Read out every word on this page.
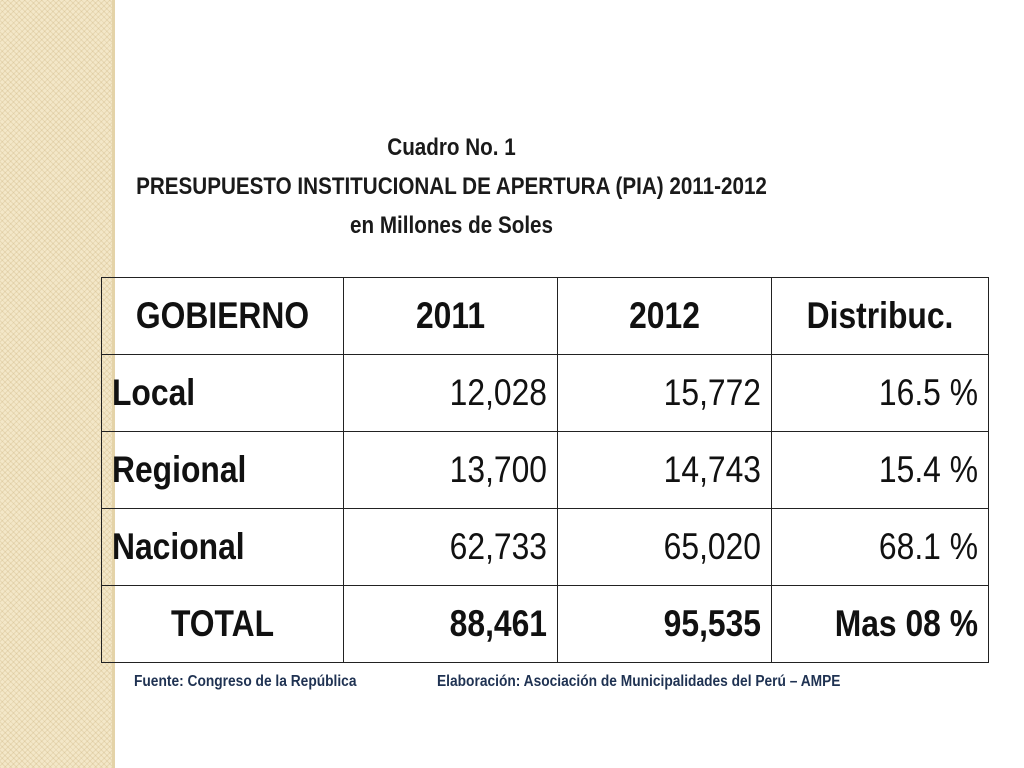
Cuadro No. 1
PRESUPUESTO INSTITUCIONAL DE APERTURA (PIA) 2011-2012
en Millones de Soles
GOBIERNO	2011	2012	Distribuc.

Local	12,028	15,772	16.5 %

Regional	13,700	14,743	15.4 %

Nacional	62,733	65,020	68.1 %

TOTAL	88,461	95,535	Mas 08 %
Fuente: Congreso de la República	Elaboración: Asociación de Municipalidades del Perú – AMPE
